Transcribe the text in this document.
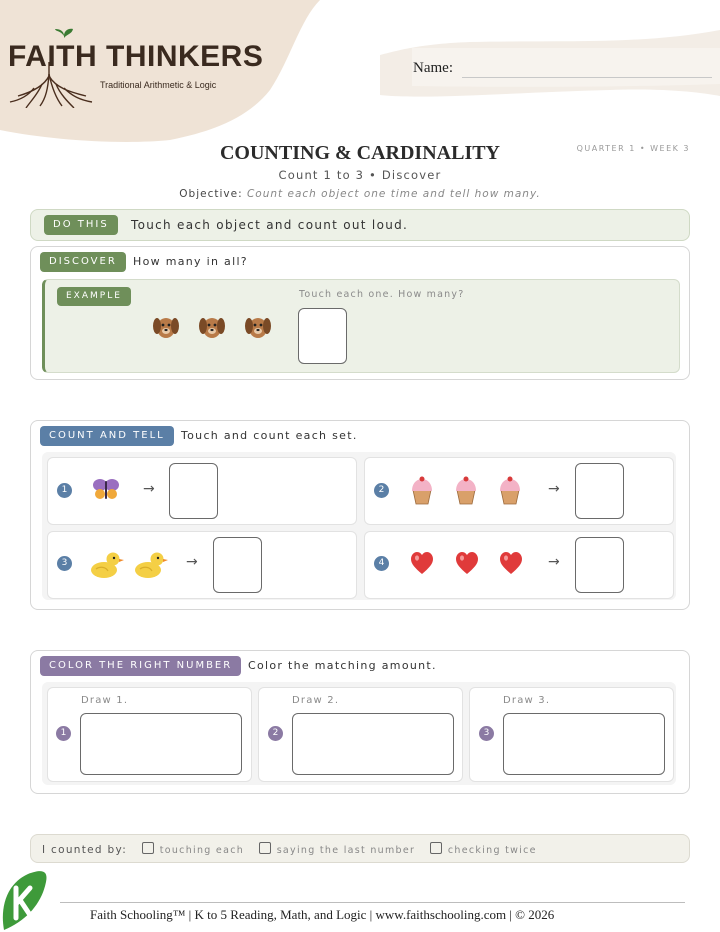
FAITH THINKERS
Traditional Arithmetic & Logic
Name:
COUNTING & CARDINALITY
Count 1 to 3 • Discover
Objective: Count each object one time and tell how many.
QUARTER 1 • WEEK 3
DO THIS	Touch each object and count out loud.
DISCOVER	How many in all?
EXAMPLE	Touch each one. How many?
COUNT AND TELL	Touch and count each set.
1	→	2	→
3	→	4	→
COLOR THE RIGHT NUMBER	Color the matching amount.
Draw 1.
1
Draw 2.
2
Draw 3.
3
I counted by:	touching each	saying the last number	checking twice
Faith Schooling™ | K to 5 Reading, Math, and Logic | www.faithschooling.com | © 2026
